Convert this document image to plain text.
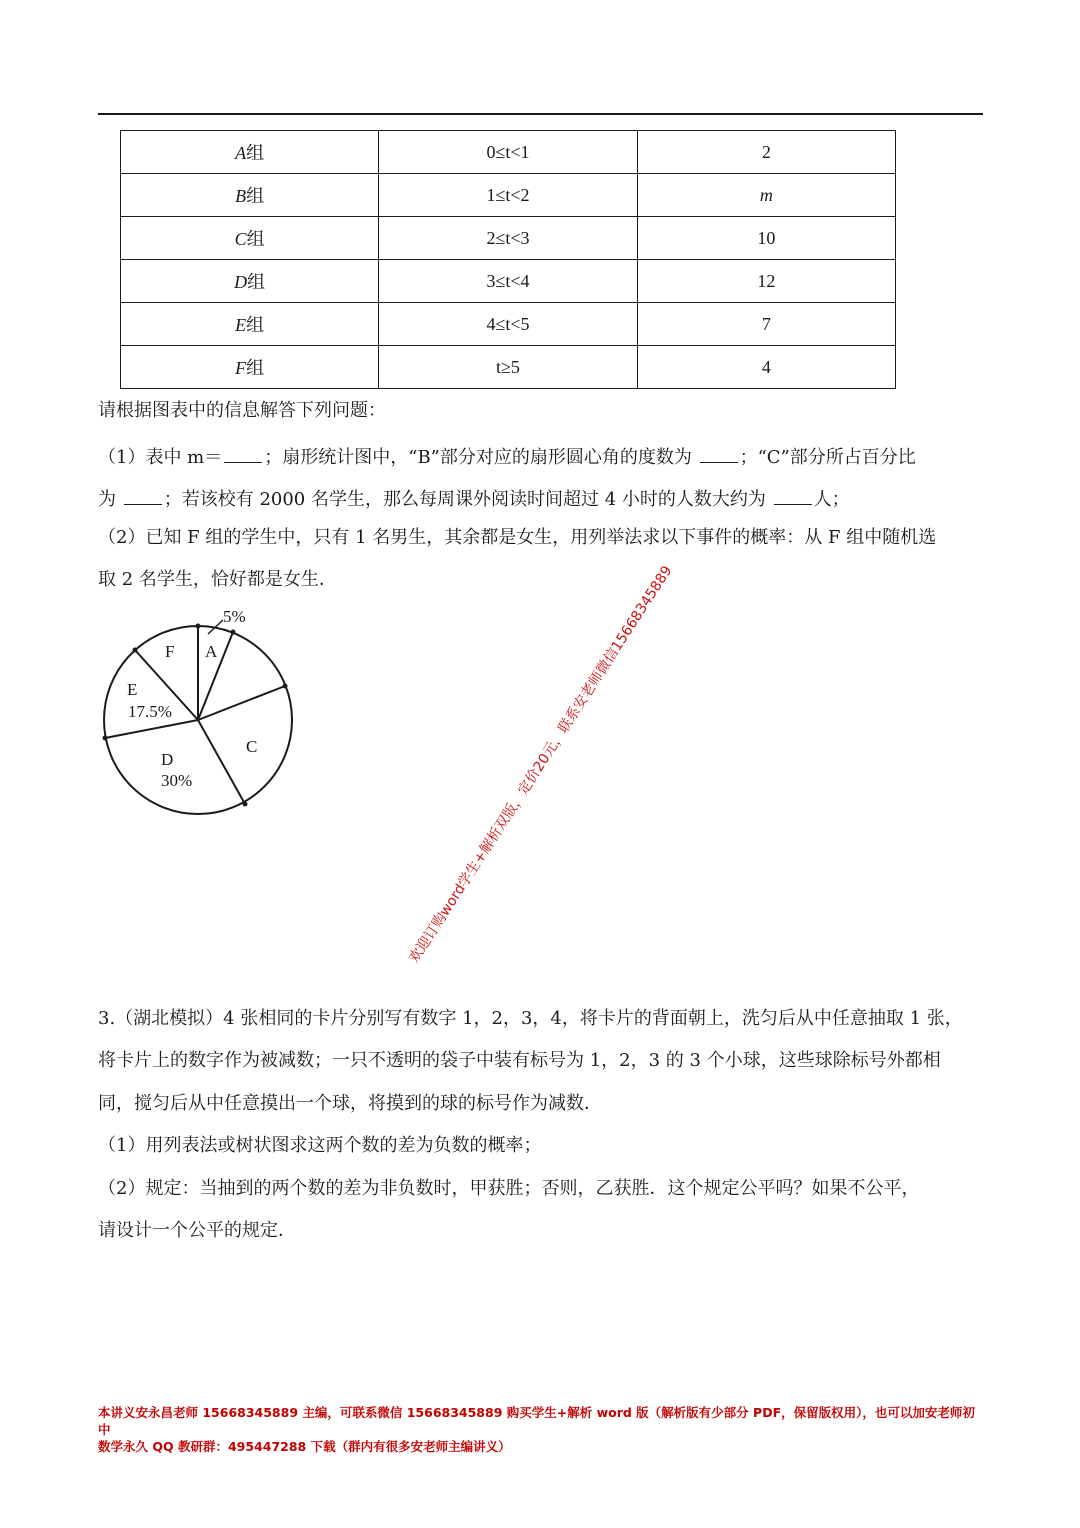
A组	0≤t<1	2
B组	1≤t<2	m
C组	2≤t<3	10
D组	3≤t<4	12
E组	4≤t<5	7
F组	t≥5	4
请根据图表中的信息解答下列问题：
（1）表中 m＝ ；扇形统计图中，“B”部分对应的扇形圆心角的度数为 ；“C”部分所占百分比
为 ；若该校有 2000 名学生，那么每周课外阅读时间超过 4 小时的人数大约为 人；
（2）已知 F 组的学生中，只有 1 名男生，其余都是女生，用列举法求以下事件的概率：从 F 组中随机选
取 2 名学生，恰好都是女生．
5%
A
F
E
17.5%
C
D
30%	欢迎订购word学生+解析双版，定价20元，联系安老师微信15668345889
3.（湖北模拟）4 张相同的卡片分别写有数字 1，2，3，4，将卡片的背面朝上，洗匀后从中任意抽取 1 张，
将卡片上的数字作为被减数；一只不透明的袋子中装有标号为 1，2，3 的 3 个小球，这些球除标号外都相
同，搅匀后从中任意摸出一个球，将摸到的球的标号作为减数．
（1）用列表法或树状图求这两个数的差为负数的概率；
（2）规定：当抽到的两个数的差为非负数时，甲获胜；否则，乙获胜．这个规定公平吗？如果不公平，
请设计一个公平的规定．
本讲义安永昌老师 15668345889 主编，可联系微信 15668345889 购买学生+解析 word 版（解析版有少部分 PDF，保留版权用），也可以加安老师初中
数学永久 QQ 教研群：495447288 下载（群内有很多安老师主编讲义）
